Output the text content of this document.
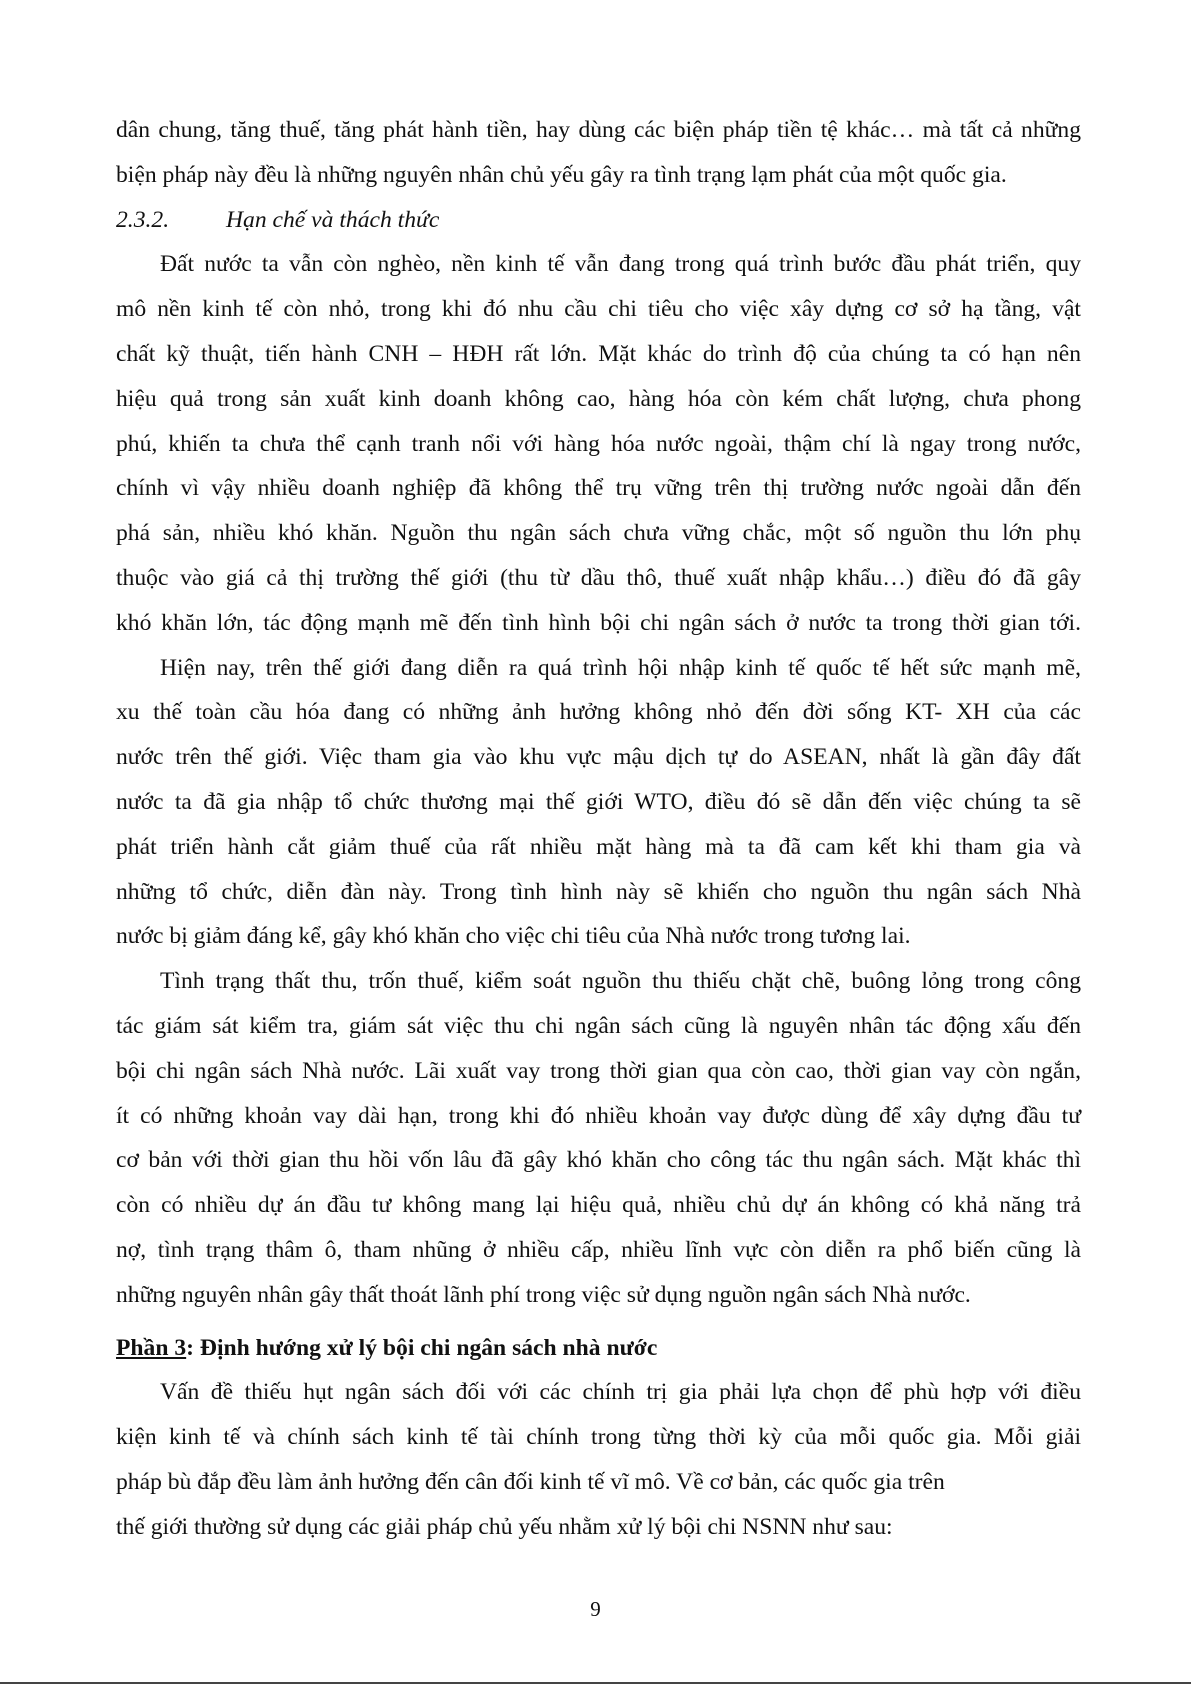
dân chung, tăng thuế, tăng phát hành tiền, hay dùng các biện pháp tiền tệ khác… mà tất cả những
biện pháp này đều là những nguyên nhân chủ yếu gây ra tình trạng lạm phát của một quốc gia.
2.3.2.	Hạn chế và thách thức
Đất nước ta vẫn còn nghèo, nền kinh tế vẫn đang trong quá trình bước đầu phát triển, quy
mô nền kinh tế còn nhỏ, trong khi đó nhu cầu chi tiêu cho việc xây dựng cơ sở hạ tầng, vật
chất kỹ thuật, tiến hành CNH – HĐH rất lớn. Mặt khác do trình độ của chúng ta có hạn nên
hiệu quả trong sản xuất kinh doanh không cao, hàng hóa còn kém chất lượng, chưa phong
phú, khiến ta chưa thể cạnh tranh nổi với hàng hóa nước ngoài, thậm chí là ngay trong nước,
chính vì vậy nhiều doanh nghiệp đã không thể trụ vững trên thị trường nước ngoài dẫn đến
phá sản, nhiều khó khăn. Nguồn thu ngân sách chưa vững chắc, một số nguồn thu lớn phụ
thuộc vào giá cả thị trường thế giới (thu từ dầu thô, thuế xuất nhập khẩu…) điều đó đã gây
khó khăn lớn, tác động mạnh mẽ đến tình hình bội chi ngân sách ở nước ta trong thời gian tới.
Hiện nay, trên thế giới đang diễn ra quá trình hội nhập kinh tế quốc tế hết sức mạnh mẽ,
xu thế toàn cầu hóa đang có những ảnh hưởng không nhỏ đến đời sống KT- XH của các
nước trên thế giới. Việc tham gia vào khu vực mậu dịch tự do ASEAN, nhất là gần đây đất
nước ta đã gia nhập tổ chức thương mại thế giới WTO, điều đó sẽ dẫn đến việc chúng ta sẽ
phát triển hành cắt giảm thuế của rất nhiều mặt hàng mà ta đã cam kết khi tham gia và
những tổ chức, diễn đàn này. Trong tình hình này sẽ khiến cho nguồn thu ngân sách Nhà
nước bị giảm đáng kể, gây khó khăn cho việc chi tiêu của Nhà nước trong tương lai.
Tình trạng thất thu, trốn thuế, kiểm soát nguồn thu thiếu chặt chẽ, buông lỏng trong công
tác giám sát kiểm tra, giám sát việc thu chi ngân sách cũng là nguyên nhân tác động xấu đến
bội chi ngân sách Nhà nước. Lãi xuất vay trong thời gian qua còn cao, thời gian vay còn ngắn,
ít có những khoản vay dài hạn, trong khi đó nhiều khoản vay được dùng để xây dựng đầu tư
cơ bản với thời gian thu hồi vốn lâu đã gây khó khăn cho công tác thu ngân sách. Mặt khác thì
còn có nhiều dự án đầu tư không mang lại hiệu quả, nhiều chủ dự án không có khả năng trả
nợ, tình trạng thâm ô, tham nhũng ở nhiều cấp, nhiều lĩnh vực còn diễn ra phổ biến cũng là
những nguyên nhân gây thất thoát lãnh phí trong việc sử dụng nguồn ngân sách Nhà nước.
Phần 3: Định hướng xử lý bội chi ngân sách nhà nước
Vấn đề thiếu hụt ngân sách đối với các chính trị gia phải lựa chọn để phù hợp với điều
kiện kinh tế và chính sách kinh tế tài chính trong từng thời kỳ của mỗi quốc gia. Mỗi giải
pháp bù đắp đều làm ảnh hưởng đến cân đối kinh tế vĩ mô. Về cơ bản, các quốc gia trên
thế giới thường sử dụng các giải pháp chủ yếu nhằm xử lý bội chi NSNN như sau:
9
